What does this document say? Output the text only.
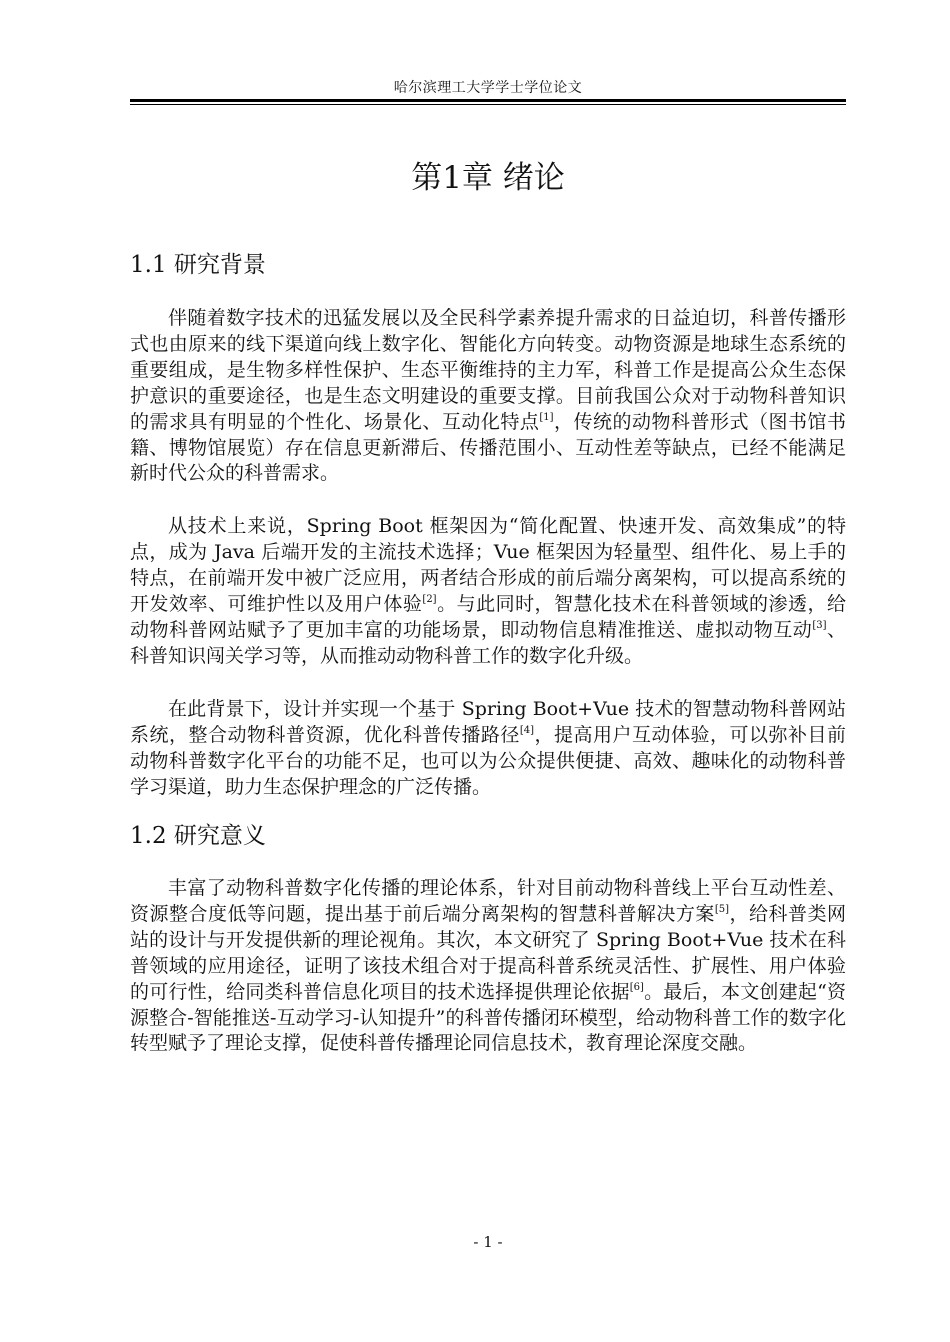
哈尔滨理工大学学士学位论文
第1章 绪论
1.1 研究背景
伴随着数字技术的迅猛发展以及全民科学素养提升需求的日益迫切，科普传播形式也由原来的线下渠道向线上数字化、智能化方向转变。动物资源是地球生态系统的重要组成，是生物多样性保护、生态平衡维持的主力军，科普工作是提高公众生态保护意识的重要途径，也是生态文明建设的重要支撑。目前我国公众对于动物科普知识的需求具有明显的个性化、场景化、互动化特点[1]，传统的动物科普形式（图书馆书籍、博物馆展览）存在信息更新滞后、传播范围小、互动性差等缺点，已经不能满足新时代公众的科普需求。
从技术上来说，Spring Boot 框架因为“简化配置、快速开发、高效集成”的特点，成为 Java 后端开发的主流技术选择；Vue 框架因为轻量型、组件化、易上手的特点，在前端开发中被广泛应用，两者结合形成的前后端分离架构，可以提高系统的开发效率、可维护性以及用户体验[2]。与此同时，智慧化技术在科普领域的渗透，给动物科普网站赋予了更加丰富的功能场景，即动物信息精准推送、虚拟动物互动[3]、科普知识闯关学习等，从而推动动物科普工作的数字化升级。
在此背景下，设计并实现一个基于 Spring Boot+Vue 技术的智慧动物科普网站系统，整合动物科普资源，优化科普传播路径[4]，提高用户互动体验，可以弥补目前动物科普数字化平台的功能不足，也可以为公众提供便捷、高效、趣味化的动物科普学习渠道，助力生态保护理念的广泛传播。
1.2 研究意义
丰富了动物科普数字化传播的理论体系，针对目前动物科普线上平台互动性差、资源整合度低等问题，提出基于前后端分离架构的智慧科普解决方案[5]，给科普类网站的设计与开发提供新的理论视角。其次，本文研究了 Spring Boot+Vue 技术在科普领域的应用途径，证明了该技术组合对于提高科普系统灵活性、扩展性、用户体验的可行性，给同类科普信息化项目的技术选择提供理论依据[6]。最后，本文创建起“资源整合-智能推送-互动学习-认知提升”的科普传播闭环模型，给动物科普工作的数字化转型赋予了理论支撑，促使科普传播理论同信息技术，教育理论深度交融。
- 1 -
